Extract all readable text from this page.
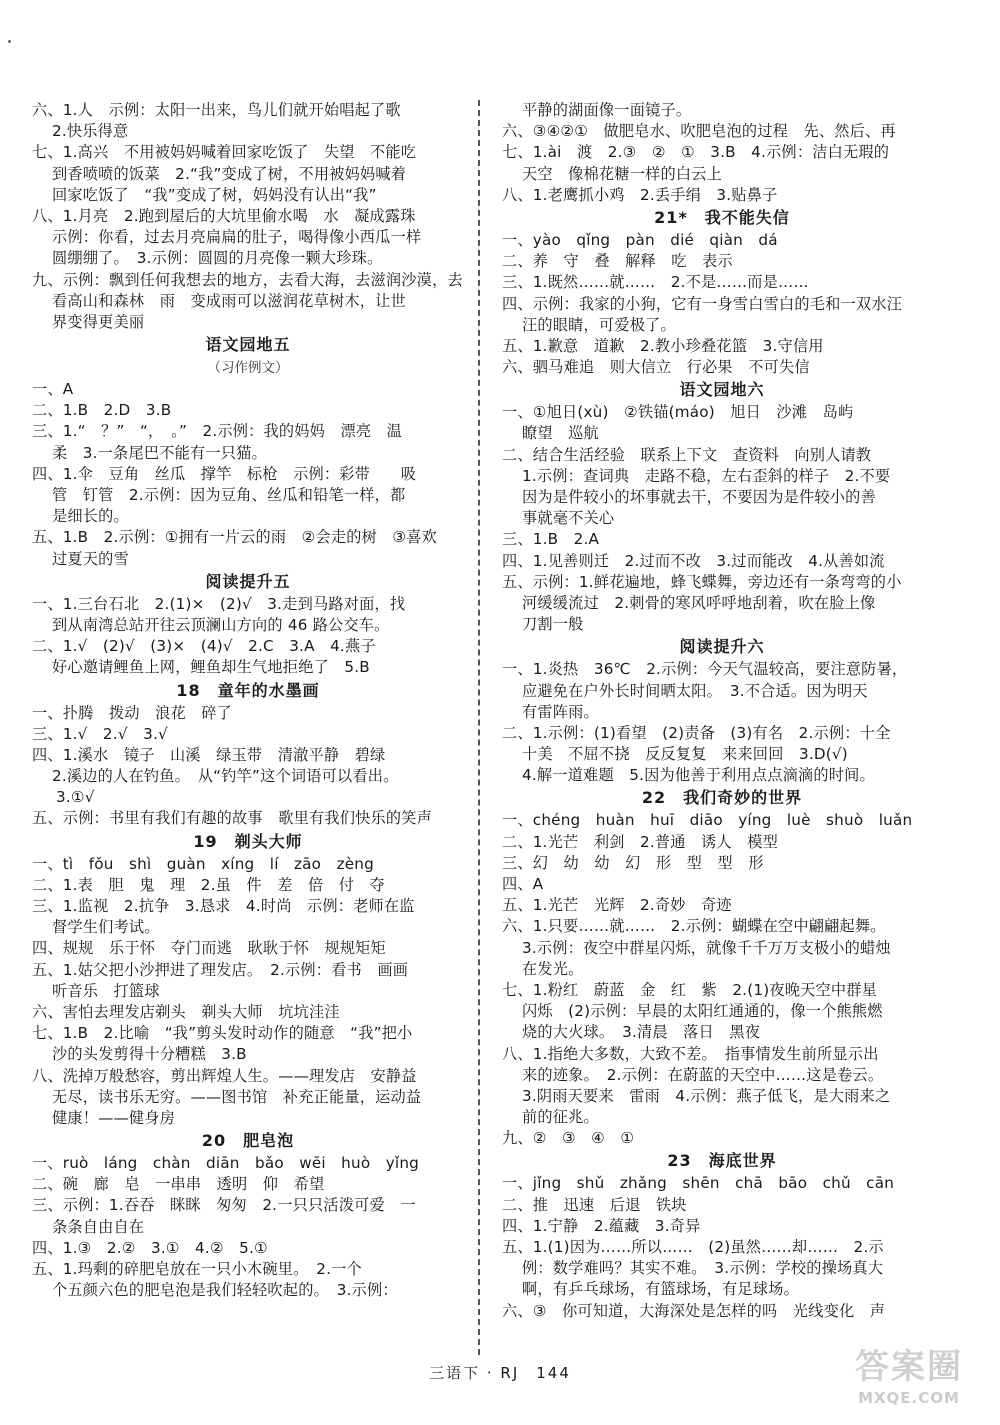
六、1.人　示例：太阳一出来，鸟儿们就开始唱起了歌
2.快乐得意
七、1.高兴　不用被妈妈喊着回家吃饭了　失望　不能吃
到香喷喷的饭菜　2.“我”变成了树，不用被妈妈喊着
回家吃饭了　“我”变成了树，妈妈没有认出“我”
八、1.月亮　2.跑到屋后的大坑里偷水喝　水　凝成露珠
示例：你看，过去月亮扁扁的肚子，喝得像小西瓜一样
圆绷绷了。　3.示例：圆圆的月亮像一颗大珍珠。
九、示例：飘到任何我想去的地方，去看大海，去滋润沙漠，去
看高山和森林　雨　变成雨可以滋润花草树木，让世
界变得更美丽
语文园地五
（习作例文）
一、A
二、1.B　2.D　3.B
三、1.“　？”　“，　。”　2.示例：我的妈妈　漂亮　温
柔　3.一条尾巴不能有一只猫。
四、1.伞　豆角　丝瓜　撑竿　标枪　示例：彩带　　吸
管　钉管　2.示例：因为豆角、丝瓜和铅笔一样，都
是细长的。
五、1.B　2.示例：①拥有一片云的雨　②会走的树　③喜欢
过夏天的雪
阅读提升五
一、1.三台石北　2.(1)×　(2)√　3.走到马路对面，找
到从南湾总站开往云顶澜山方向的 46 路公交车。
二、1.√　(2)√　(3)×　(4)√　2.C　3.A　4.燕子
好心邀请鲤鱼上网，鲤鱼却生气地拒绝了　5.B
18　童年的水墨画
一、扑腾　拨动　浪花　碎了
三、1.√　2.√　3.√
四、1.溪水　镜子　山溪　绿玉带　清澈平静　碧绿
2.溪边的人在钓鱼。　从“钓竿”这个词语可以看出。
3.①√
五、示例：书里有我们有趣的故事　歌里有我们快乐的笑声
19　剃头大师
一、tì　fǒu　shì　guàn　xíng　lí　zāo　zèng
二、1.表　胆　鬼　理　2.虽　件　差　倍　付　夺
三、1.监视　2.抗争　3.恳求　4.时尚　示例：老师在监
督学生们考试。
四、规规　乐于怀　夺门而逃　耿耿于怀　规规矩矩
五、1.姑父把小沙押进了理发店。　2.示例：看书　画画
听音乐　打篮球
六、害怕去理发店剃头　剃头大师　坑坑洼洼
七、1.B　2.比喻　“我”剪头发时动作的随意　“我”把小
沙的头发剪得十分糟糕　3.B
八、洗掉万般愁容，剪出辉煌人生。——理发店　安静益
无尽，读书乐无穷。——图书馆　补充正能量，运动益
健康！——健身房
20　肥皂泡
一、ruò　láng　chàn　diān　bǎo　wēi　huò　yǐng
二、碗　廊　皂　一串串　透明　仰　希望
三、示例：1.吞吞　眯眯　匆匆　2.一只只活泼可爱　一
条条自由自在
四、1.③　2.②　3.①　4.②　5.①
五、1.玛剩的碎肥皂放在一只小木碗里。　2.一个
个五颜六色的肥皂泡是我们轻轻吹起的。　3.示例：
平静的湖面像一面镜子。
六、③④②①　做肥皂水、吹肥皂泡的过程　先、然后、再
七、1.ài　渡　2.③　②　①　3.B　4.示例：洁白无瑕的
天空　像棉花糖一样的白云上
八、1.老鹰抓小鸡　2.丢手绢　3.贴鼻子
21*　我不能失信
一、yào　qǐng　pàn　dié　qiàn　dá
二、养　守　叠　解释　吃　表示
三、1.既然……就……　2.不是……而是……
四、示例：我家的小狗，它有一身雪白雪白的毛和一双水汪
汪的眼睛，可爱极了。
五、1.歉意　道歉　2.教小珍叠花篮　3.守信用
六、驷马难追　则大信立　行必果　不可失信
语文园地六
一、①旭日(xù)　②铁锚(máo)　旭日　沙滩　岛屿
瞭望　巡航
二、结合生活经验　联系上下文　查资料　向别人请教
1.示例：查词典　走路不稳，左右歪斜的样子　2.不要
因为是件较小的坏事就去干，不要因为是件较小的善
事就毫不关心
三、1.B　2.A
四、1.见善则迁　2.过而不改　3.过而能改　4.从善如流
五、示例：1.鲜花遍地，蜂飞蝶舞，旁边还有一条弯弯的小
河缓缓流过　2.刺骨的寒风呼呼地刮着，吹在脸上像
刀割一般
阅读提升六
一、1.炎热　36℃　2.示例：今天气温较高，要注意防暑，
应避免在户外长时间晒太阳。　3.不合适。因为明天
有雷阵雨。
二、1.示例：(1)看望　(2)责备　(3)有名　2.示例：十全
十美　不屈不挠　反反复复　来来回回　3.D(√)
4.解一道难题　5.因为他善于利用点点滴滴的时间。
22　我们奇妙的世界
一、chéng　huàn　huī　diāo　yíng　luè　shuò　luǎn
二、1.光芒　利剑　2.普通　诱人　模型
三、幻　幼　幼　幻　形　型　型　形
四、A
五、1.光芒　光辉　2.奇妙　奇迹
六、1.只要……就……　2.示例：蝴蝶在空中翩翩起舞。
3.示例：夜空中群星闪烁，就像千千万万支极小的蜡烛
在发光。
七、1.粉红　蔚蓝　金　红　紫　2.(1)夜晚天空中群星
闪烁　(2)示例：早晨的太阳红通通的，像一个熊熊燃
烧的大火球。　3.清晨　落日　黑夜
八、1.指绝大多数，大致不差。　指事情发生前所显示出
来的迹象。　2.示例：在蔚蓝的天空中……这是卷云。
3.阴雨天要来　雷雨　4.示例：燕子低飞，是大雨来之
前的征兆。
九、②　③　④　①
23　海底世界
一、jǐng　shǔ　zhǎng　shēn　chā　bāo　chǔ　cān
二、推　迅速　后退　铁块
四、1.宁静　2.蕴藏　3.奇异
五、1.(1)因为……所以……　(2)虽然……却……　2.示
例：数学难吗？其实不难。　3.示例：学校的操场真大
啊，有乒乓球场，有篮球场，有足球场。
六、③　你可知道，大海深处是怎样的吗　光线变化　声
三语下 · RJ　144	答案圈
MXQE.COM
